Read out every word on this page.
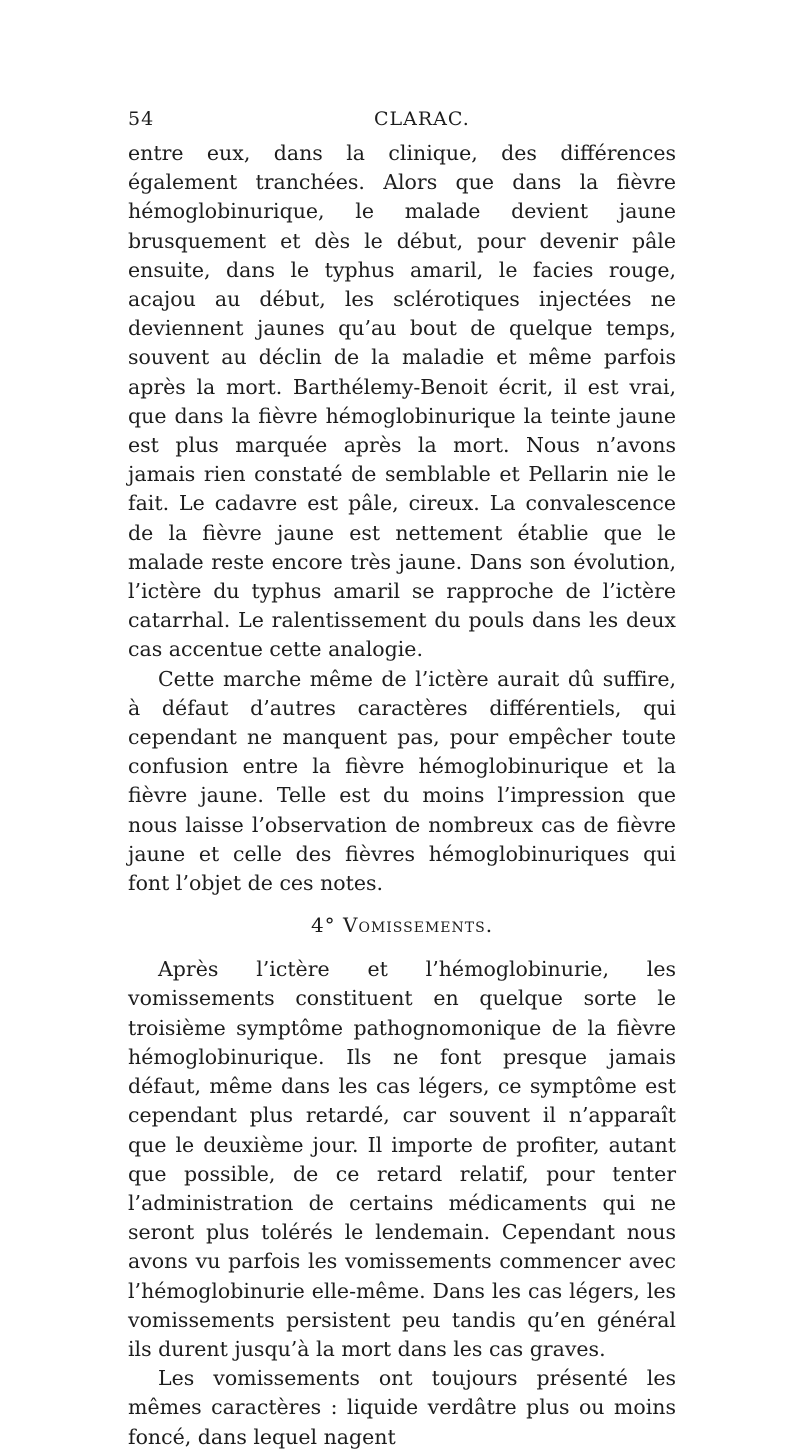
54	CLARAC.

entre eux, dans la clinique, des différences également tranchées. Alors que dans la fièvre hémoglobinurique, le malade devient jaune brusquement et dès le début, pour devenir pâle ensuite, dans le typhus amaril, le facies rouge, acajou au début, les sclérotiques injectées ne deviennent jaunes qu’au bout de quelque temps, souvent au déclin de la maladie et même parfois après la mort. Barthélemy-Benoit écrit, il est vrai, que dans la fièvre hémoglobinurique la teinte jaune est plus marquée après la mort. Nous n’avons jamais rien constaté de semblable et Pellarin nie le fait. Le cadavre est pâle, cireux. La convalescence de la fièvre jaune est nettement établie que le malade reste encore très jaune. Dans son évolution, l’ictère du typhus amaril se rapproche de l’ictère catarrhal. Le ralentissement du pouls dans les deux cas accentue cette analogie.

Cette marche même de l’ictère aurait dû suffire, à défaut d’autres caractères différentiels, qui cependant ne manquent pas, pour empêcher toute confusion entre la fièvre hémoglobinurique et la fièvre jaune. Telle est du moins l’impression que nous laisse l’observation de nombreux cas de fièvre jaune et celle des fièvres hémoglobinuriques qui font l’objet de ces notes.

4° Vomissements.

Après l’ictère et l’hémoglobinurie, les vomissements constituent en quelque sorte le troisième symptôme pathognomonique de la fièvre hémoglobinurique. Ils ne font presque jamais défaut, même dans les cas légers, ce symptôme est cependant plus retardé, car souvent il n’apparaît que le deuxième jour. Il importe de profiter, autant que possible, de ce retard relatif, pour tenter l’administration de certains médicaments qui ne seront plus tolérés le lendemain. Cependant nous avons vu parfois les vomissements commencer avec l’hémoglobinurie elle-même. Dans les cas légers, les vomissements persistent peu tandis qu’en général ils durent jusqu’à la mort dans les cas graves.

Les vomissements ont toujours présenté les mêmes caractères : liquide verdâtre plus ou moins foncé, dans lequel nagent
